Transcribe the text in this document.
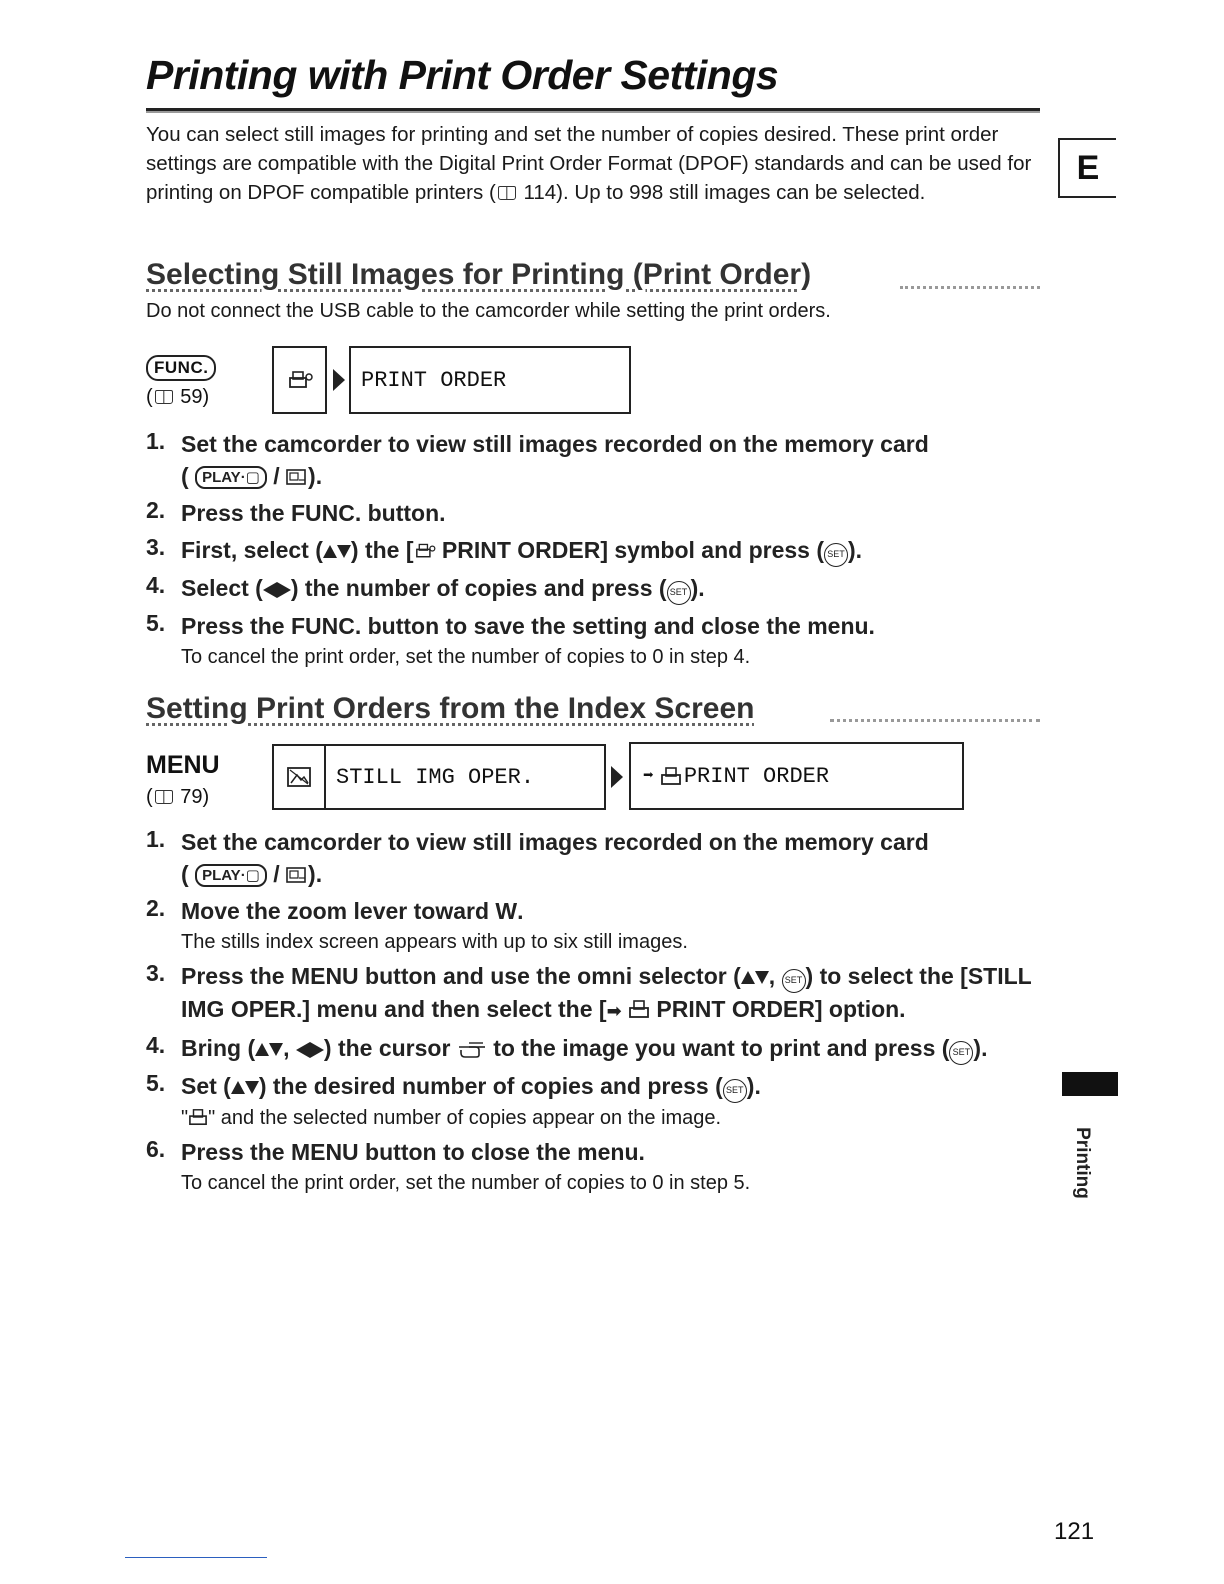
Printing with Print Order Settings

You can select still images for printing and set the number of copies desired. These print order settings are compatible with the Digital Print Order Format (DPOF) standards and can be used for printing on DPOF compatible printers ( 114). Up to 998 still images can be selected.

E
Selecting Still Images for Printing (Print Order)

Do not connect the USB cable to the camcorder while setting the print orders.

FUNC.
( 59)
PRINT ORDER
1. Set the camcorder to view still images recorded on the memory card
( PLAY·▢ / ).
2. Press the FUNC. button.
3. First, select ( ) the [ PRINT ORDER] symbol and press ( SET ).
4. Select ( ) the number of copies and press ( SET ).
5. Press the FUNC. button to save the setting and close the menu.
To cancel the print order, set the number of copies to 0 in step 4.
Setting Print Orders from the Index Screen
MENU
( 79)
STILL IMG OPER.	➡ PRINT ORDER
1. Set the camcorder to view still images recorded on the memory card
( PLAY·▢ / ).
2. Move the zoom lever toward W.
The stills index screen appears with up to six still images.
3. Press the MENU button and use the omni selector ( , SET ) to select the [STILL IMG OPER.] menu and then select the [➡  PRINT ORDER] option.
4. Bring ( , ) the cursor  to the image you want to print and press ( SET ).
5. Set ( ) the desired number of copies and press ( SET ).
" " and the selected number of copies appear on the image.
6. Press the MENU button to close the menu.
To cancel the print order, set the number of copies to 0 in step 5.	Printing
121
